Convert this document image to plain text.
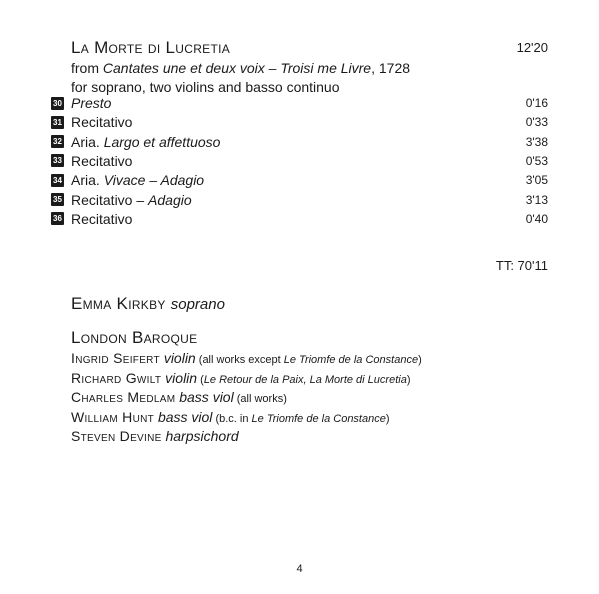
La Morte di Lucretia	12'20
from Cantates une et deux voix – Troisi me Livre, 1728
for soprano, two violins and basso continuo
30 Presto	0'16
31 Recitativo	0'33
32 Aria. Largo et affettuoso	3'38
33 Recitativo	0'53
34 Aria. Vivace – Adagio	3'05
35 Recitativo – Adagio	3'13
36 Recitativo	0'40
TT: 70'11
Emma Kirkby soprano
London Baroque
Ingrid Seifert violin (all works except Le Triomfe de la Constance)
Richard Gwilt violin (Le Retour de la Paix, La Morte di Lucretia)
Charles Medlam bass viol (all works)
William Hunt bass viol (b.c. in Le Triomfe de la Constance)
Steven Devine harpsichord
4
